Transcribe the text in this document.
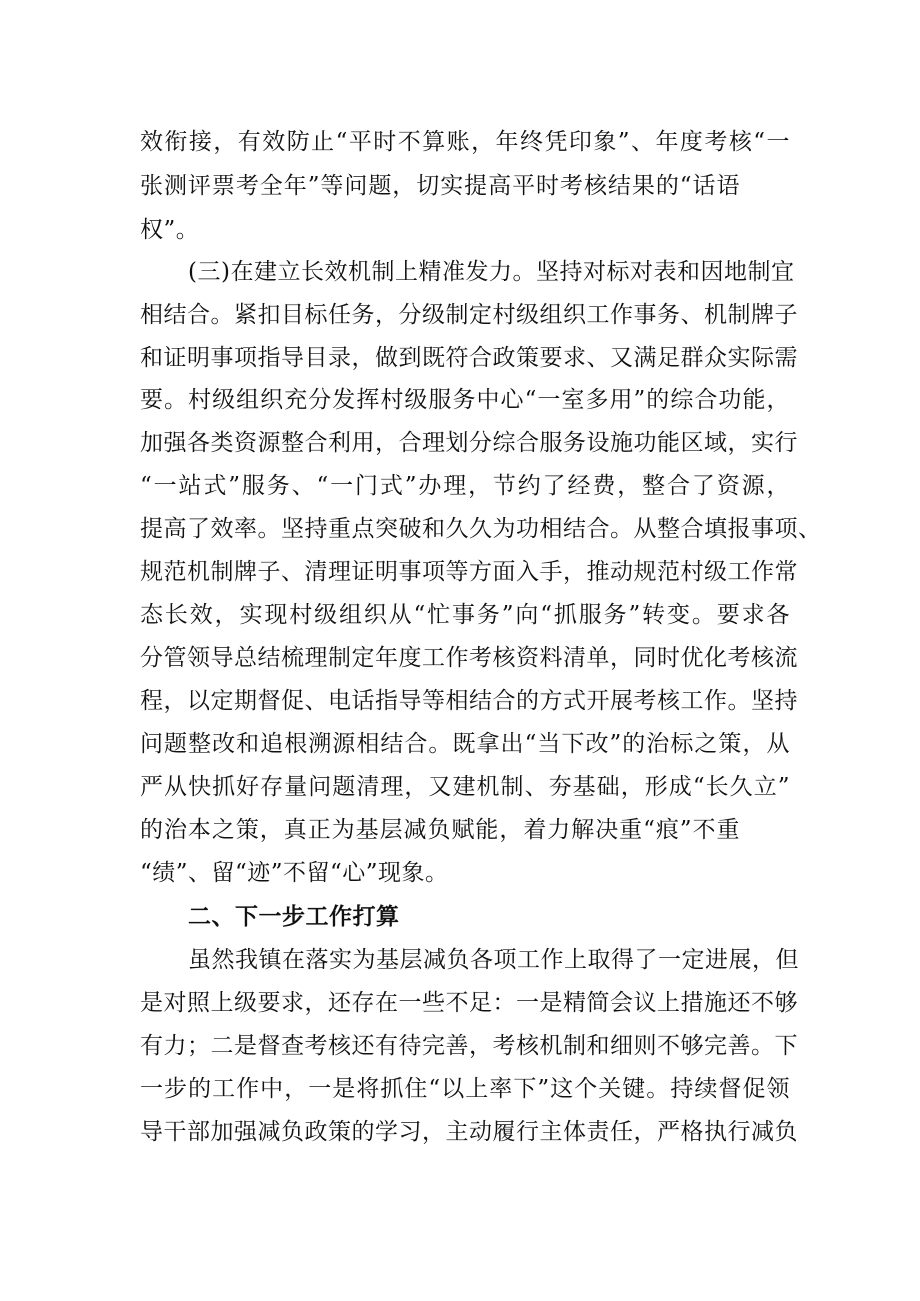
效衔接，有效防止“平时不算账，年终凭印象”、年度考核“一
张测评票考全年”等问题，切实提高平时考核结果的“话语
权”。
(三)在建立长效机制上精准发力。坚持对标对表和因地制宜
相结合。紧扣目标任务，分级制定村级组织工作事务、机制牌子
和证明事项指导目录，做到既符合政策要求、又满足群众实际需
要。村级组织充分发挥村级服务中心“一室多用”的综合功能，
加强各类资源整合利用，合理划分综合服务设施功能区域，实行
“一站式”服务、“一门式”办理，节约了经费，整合了资源，
提高了效率。坚持重点突破和久久为功相结合。从整合填报事项、
规范机制牌子、清理证明事项等方面入手，推动规范村级工作常
态长效，实现村级组织从“忙事务”向“抓服务”转变。要求各
分管领导总结梳理制定年度工作考核资料清单，同时优化考核流
程，以定期督促、电话指导等相结合的方式开展考核工作。坚持
问题整改和追根溯源相结合。既拿出“当下改”的治标之策，从
严从快抓好存量问题清理，又建机制、夯基础，形成“长久立”
的治本之策，真正为基层减负赋能，着力解决重“痕”不重
“绩”、留“迹”不留“心”现象。
二、下一步工作打算
虽然我镇在落实为基层减负各项工作上取得了一定进展，但
是对照上级要求，还存在一些不足：一是精简会议上措施还不够
有力；二是督查考核还有待完善，考核机制和细则不够完善。下
一步的工作中，一是将抓住“以上率下”这个关键。持续督促领
导干部加强减负政策的学习，主动履行主体责任，严格执行减负
